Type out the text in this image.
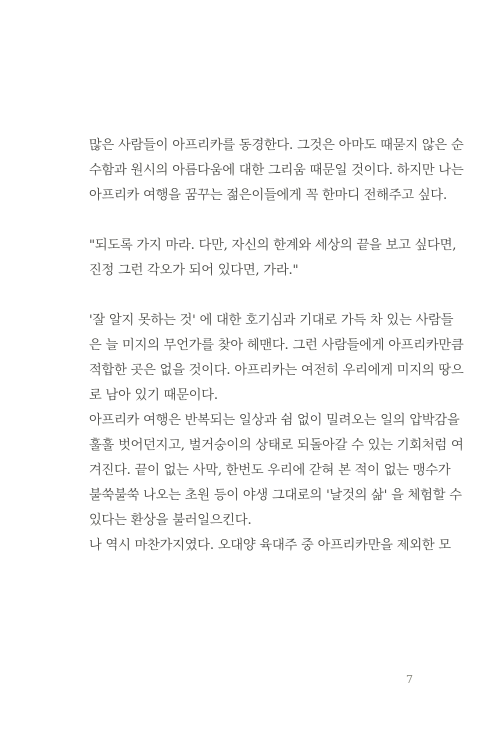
많은 사람들이 아프리카를 동경한다. 그것은 아마도 때묻지 않은 순
수함과 원시의 아름다움에 대한 그리움 때문일 것이다. 하지만 나는
아프리카 여행을 꿈꾸는 젊은이들에게 꼭 한마디 전해주고 싶다.
"되도록 가지 마라. 다만, 자신의 한계와 세상의 끝을 보고 싶다면,
진정 그런 각오가 되어 있다면, 가라."
'잘 알지 못하는 것' 에 대한 호기심과 기대로 가득 차 있는 사람들
은 늘 미지의 무언가를 찾아 헤맨다. 그런 사람들에게 아프리카만큼
적합한 곳은 없을 것이다. 아프리카는 여전히 우리에게 미지의 땅으
로 남아 있기 때문이다.
아프리카 여행은 반복되는 일상과 쉼 없이 밀려오는 일의 압박감을
훌훌 벗어던지고, 벌거숭이의 상태로 되돌아갈 수 있는 기회처럼 여
겨진다. 끝이 없는 사막, 한번도 우리에 갇혀 본 적이 없는 맹수가
불쑥불쑥 나오는 초원 등이 야생 그대로의 '날것의 삶' 을 체험할 수
있다는 환상을 불러일으킨다.
나 역시 마찬가지였다. 오대양 육대주 중 아프리카만을 제외한 모
7
